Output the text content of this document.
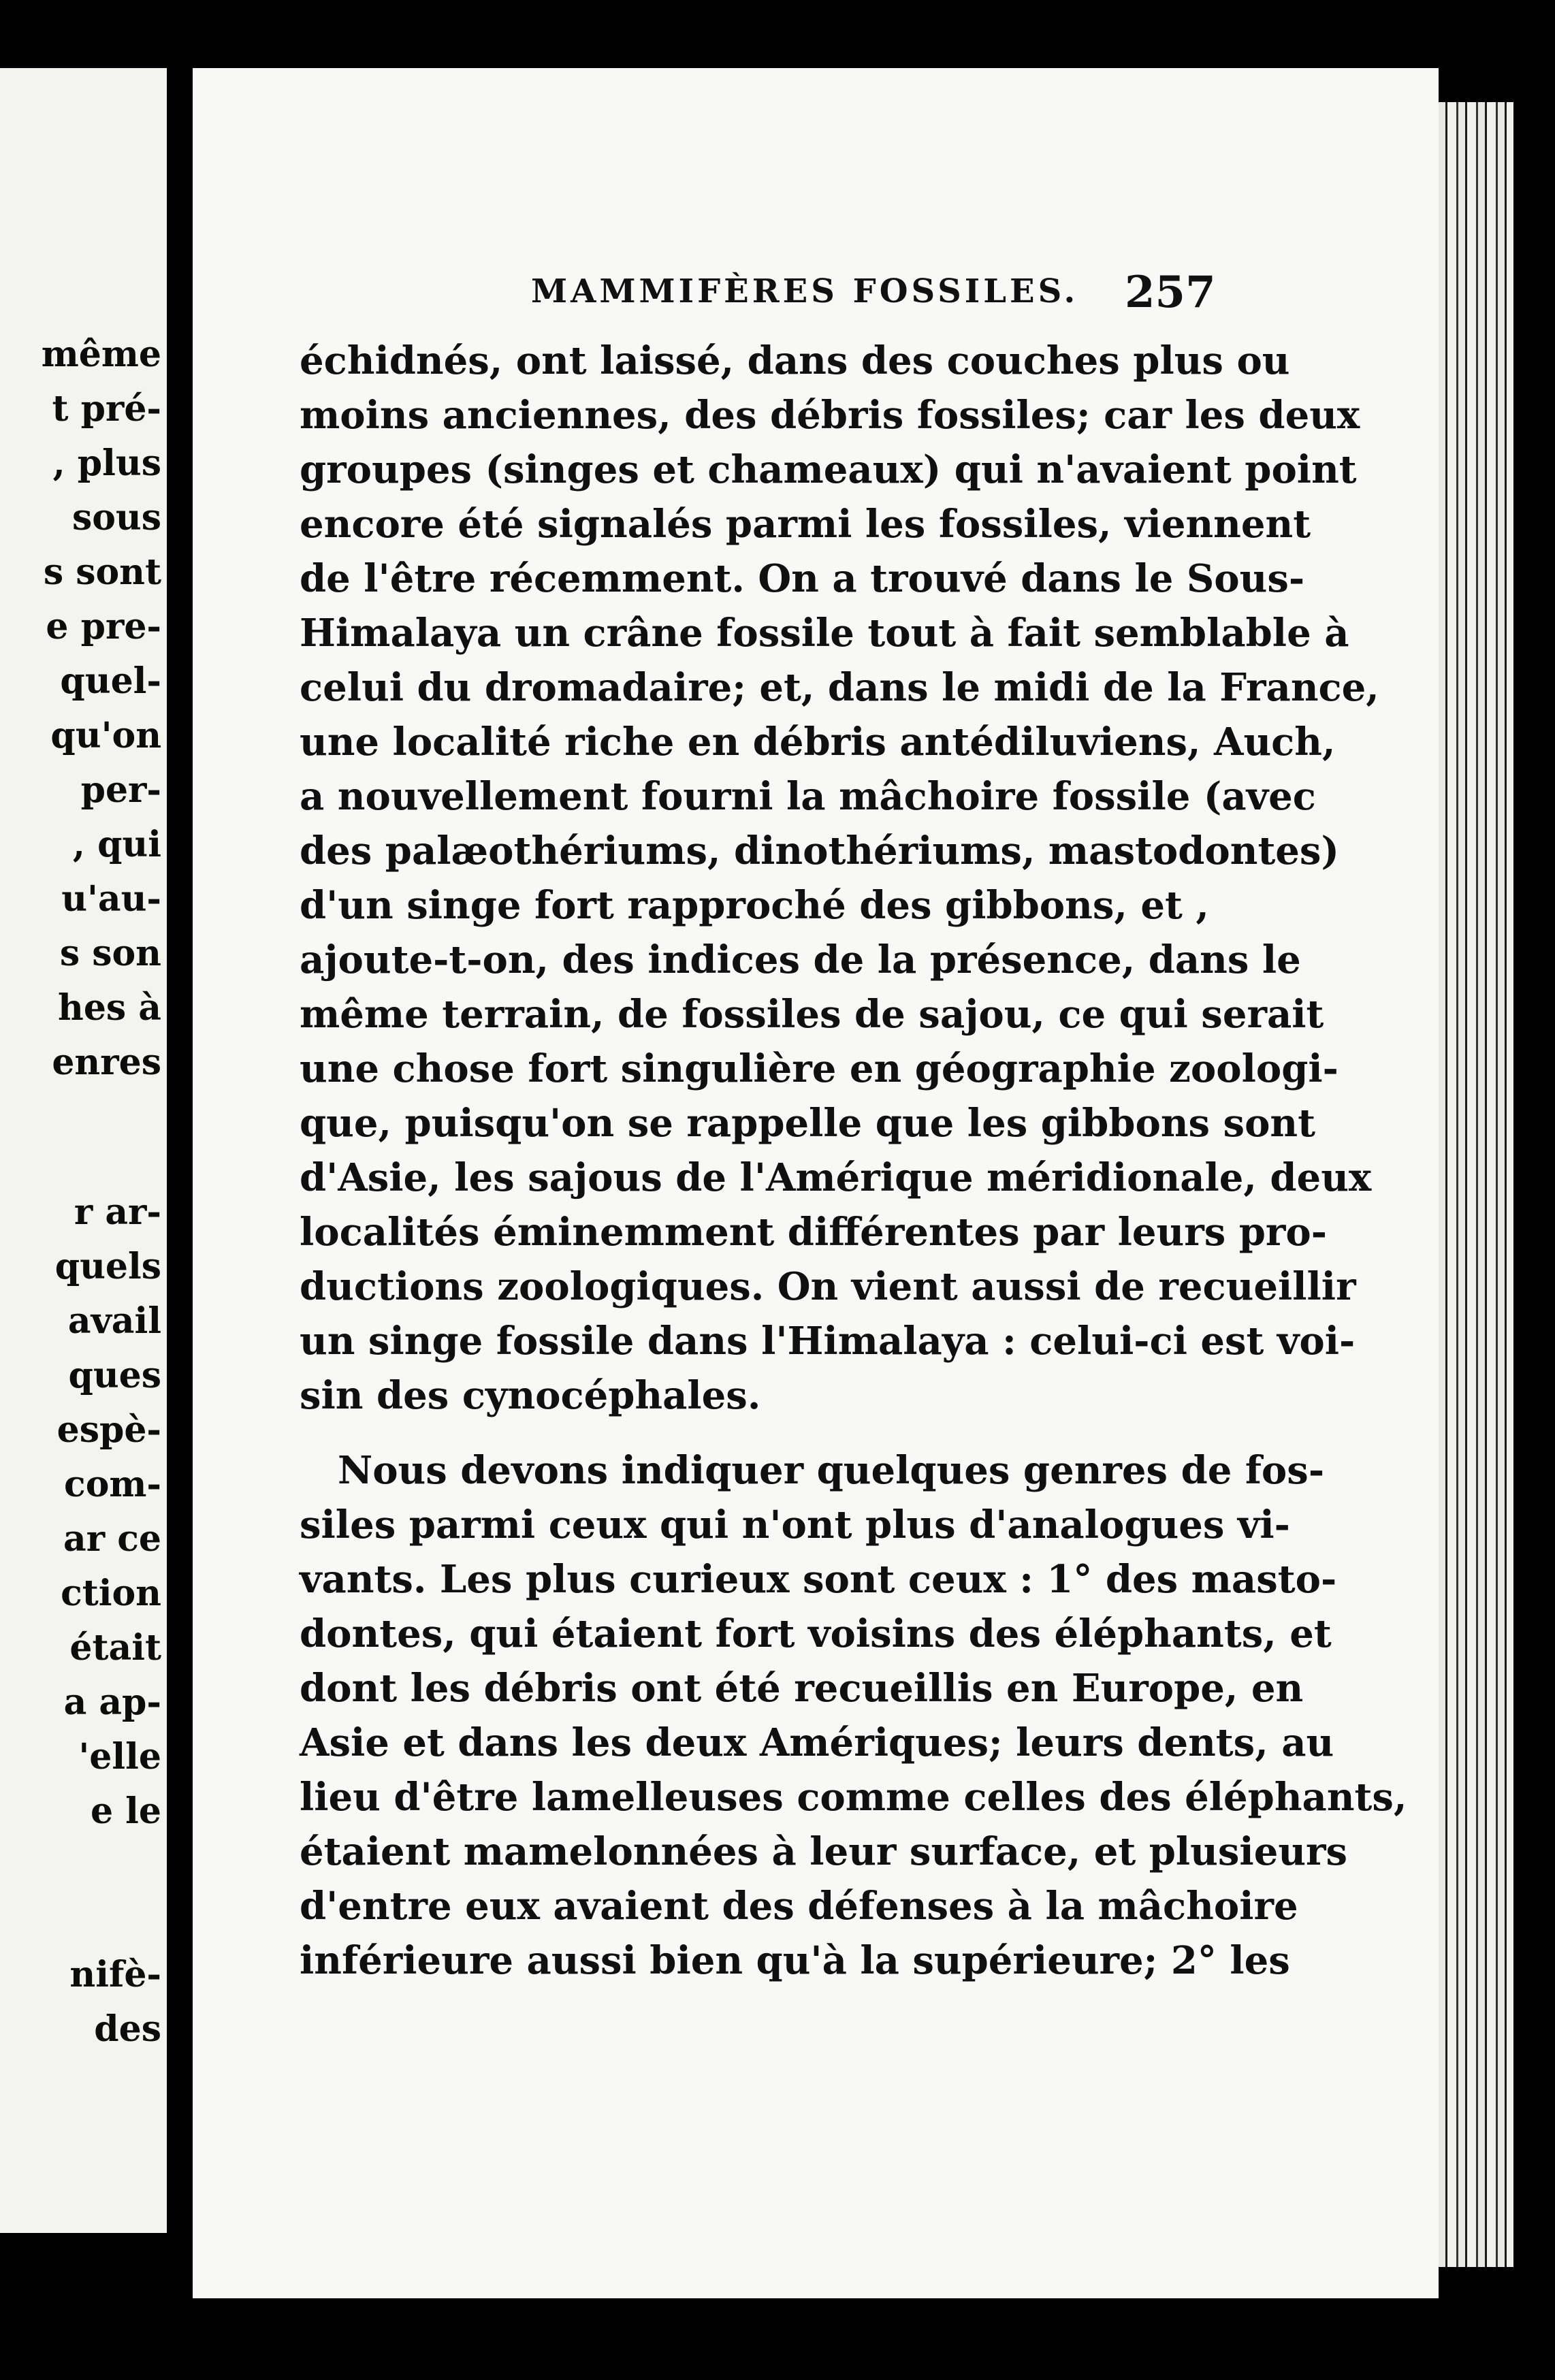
même
t pré-
, plus
sous
s sont
e pre-
quel-
qu'on
per-
, qui
u'au-
s son
hes à
enres
r ar-
quels
avail
ques
espè-
com-
ar ce
ction
était
a ap-
'elle
e le
nifè-
des
MAMMIFÈRES FOSSILES. 257
échidnés, ont laissé, dans des couches plus ou
moins anciennes, des débris fossiles; car les deux
groupes (singes et chameaux) qui n'avaient point
encore été signalés parmi les fossiles, viennent
de l'être récemment. On a trouvé dans le Sous-
Himalaya un crâne fossile tout à fait semblable à
celui du dromadaire; et, dans le midi de la France,
une localité riche en débris antédiluviens, Auch,
a nouvellement fourni la mâchoire fossile (avec
des palæothériums, dinothériums, mastodontes)
d'un singe fort rapproché des gibbons, et ,
ajoute-t-on, des indices de la présence, dans le
même terrain, de fossiles de sajou, ce qui serait
une chose fort singulière en géographie zoologi-
que, puisqu'on se rappelle que les gibbons sont
d'Asie, les sajous de l'Amérique méridionale, deux
localités éminemment différentes par leurs pro-
ductions zoologiques. On vient aussi de recueillir
un singe fossile dans l'Himalaya : celui-ci est voi-
sin des cynocéphales.
Nous devons indiquer quelques genres de fos-
siles parmi ceux qui n'ont plus d'analogues vi-
vants. Les plus curieux sont ceux : 1° des masto-
dontes, qui étaient fort voisins des éléphants, et
dont les débris ont été recueillis en Europe, en
Asie et dans les deux Amériques; leurs dents, au
lieu d'être lamelleuses comme celles des éléphants,
étaient mamelonnées à leur surface, et plusieurs
d'entre eux avaient des défenses à la mâchoire
inférieure aussi bien qu'à la supérieure; 2° les
